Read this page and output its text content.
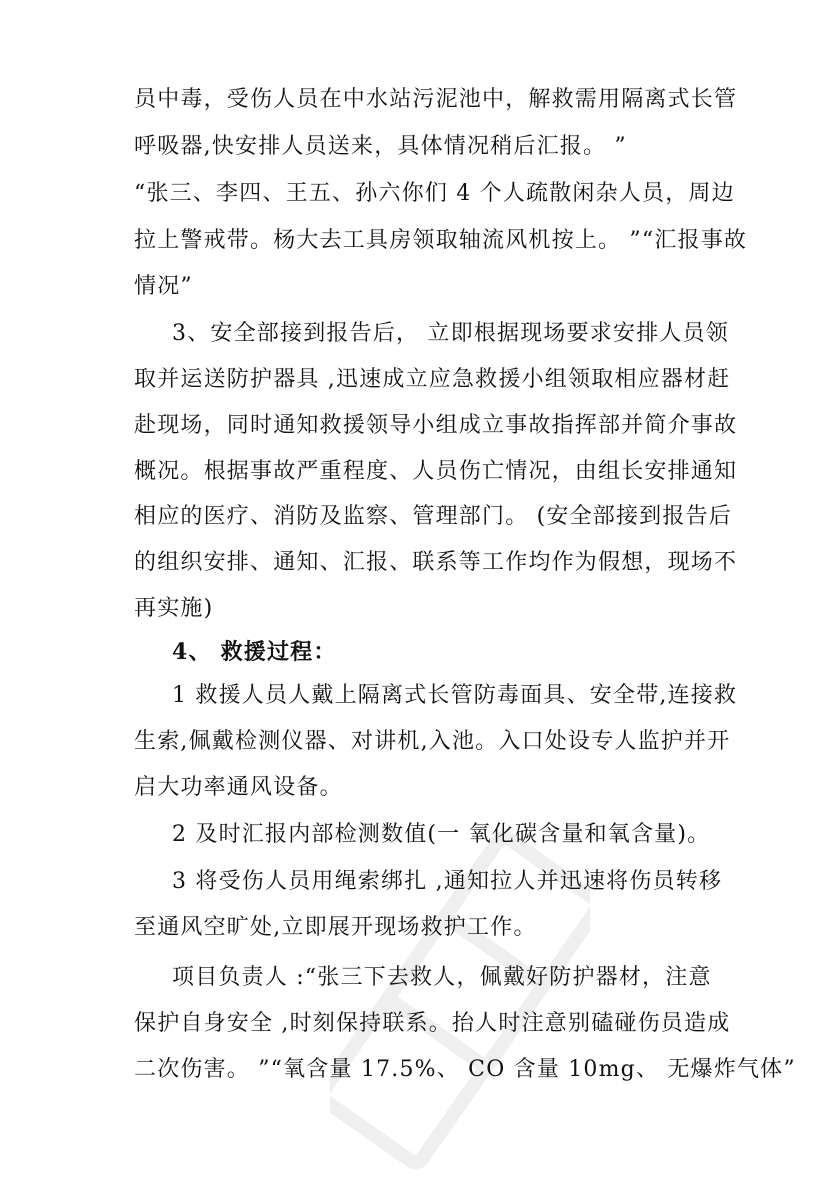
员中毒，受伤人员在中水站污泥池中，解救需用隔离式长管
呼吸器,快安排人员送来，具体情况稍后汇报。 ”
“张三、李四、王五、孙六你们 4 个人疏散闲杂人员，周边
拉上警戒带。杨大去工具房领取轴流风机按上。 ”“汇报事故
情况”
3、安全部接到报告后， 立即根据现场要求安排人员领
取并运送防护器具 ,迅速成立应急救援小组领取相应器材赶
赴现场，同时通知救援领导小组成立事故指挥部并简介事故
概况。根据事故严重程度、人员伤亡情况，由组长安排通知
相应的医疗、消防及监察、管理部门。 (安全部接到报告后
的组织安排、通知、汇报、联系等工作均作为假想，现场不
再实施)
4、 救援过程：
1 救援人员人戴上隔离式长管防毒面具、安全带,连接救
生索,佩戴检测仪器、对讲机,入池。入口处设专人监护并开
启大功率通风设备。
2 及时汇报内部检测数值(一 氧化碳含量和氧含量)。
3 将受伤人员用绳索绑扎 ,通知拉人并迅速将伤员转移
至通风空旷处,立即展开现场救护工作。
项目负责人 :“张三下去救人，佩戴好防护器材，注意
保护自身安全 ,时刻保持联系。抬人时注意别磕碰伤员造成
二次伤害。 ”“氧含量 17.5%、 CO 含量 10mg、 无爆炸气体”
